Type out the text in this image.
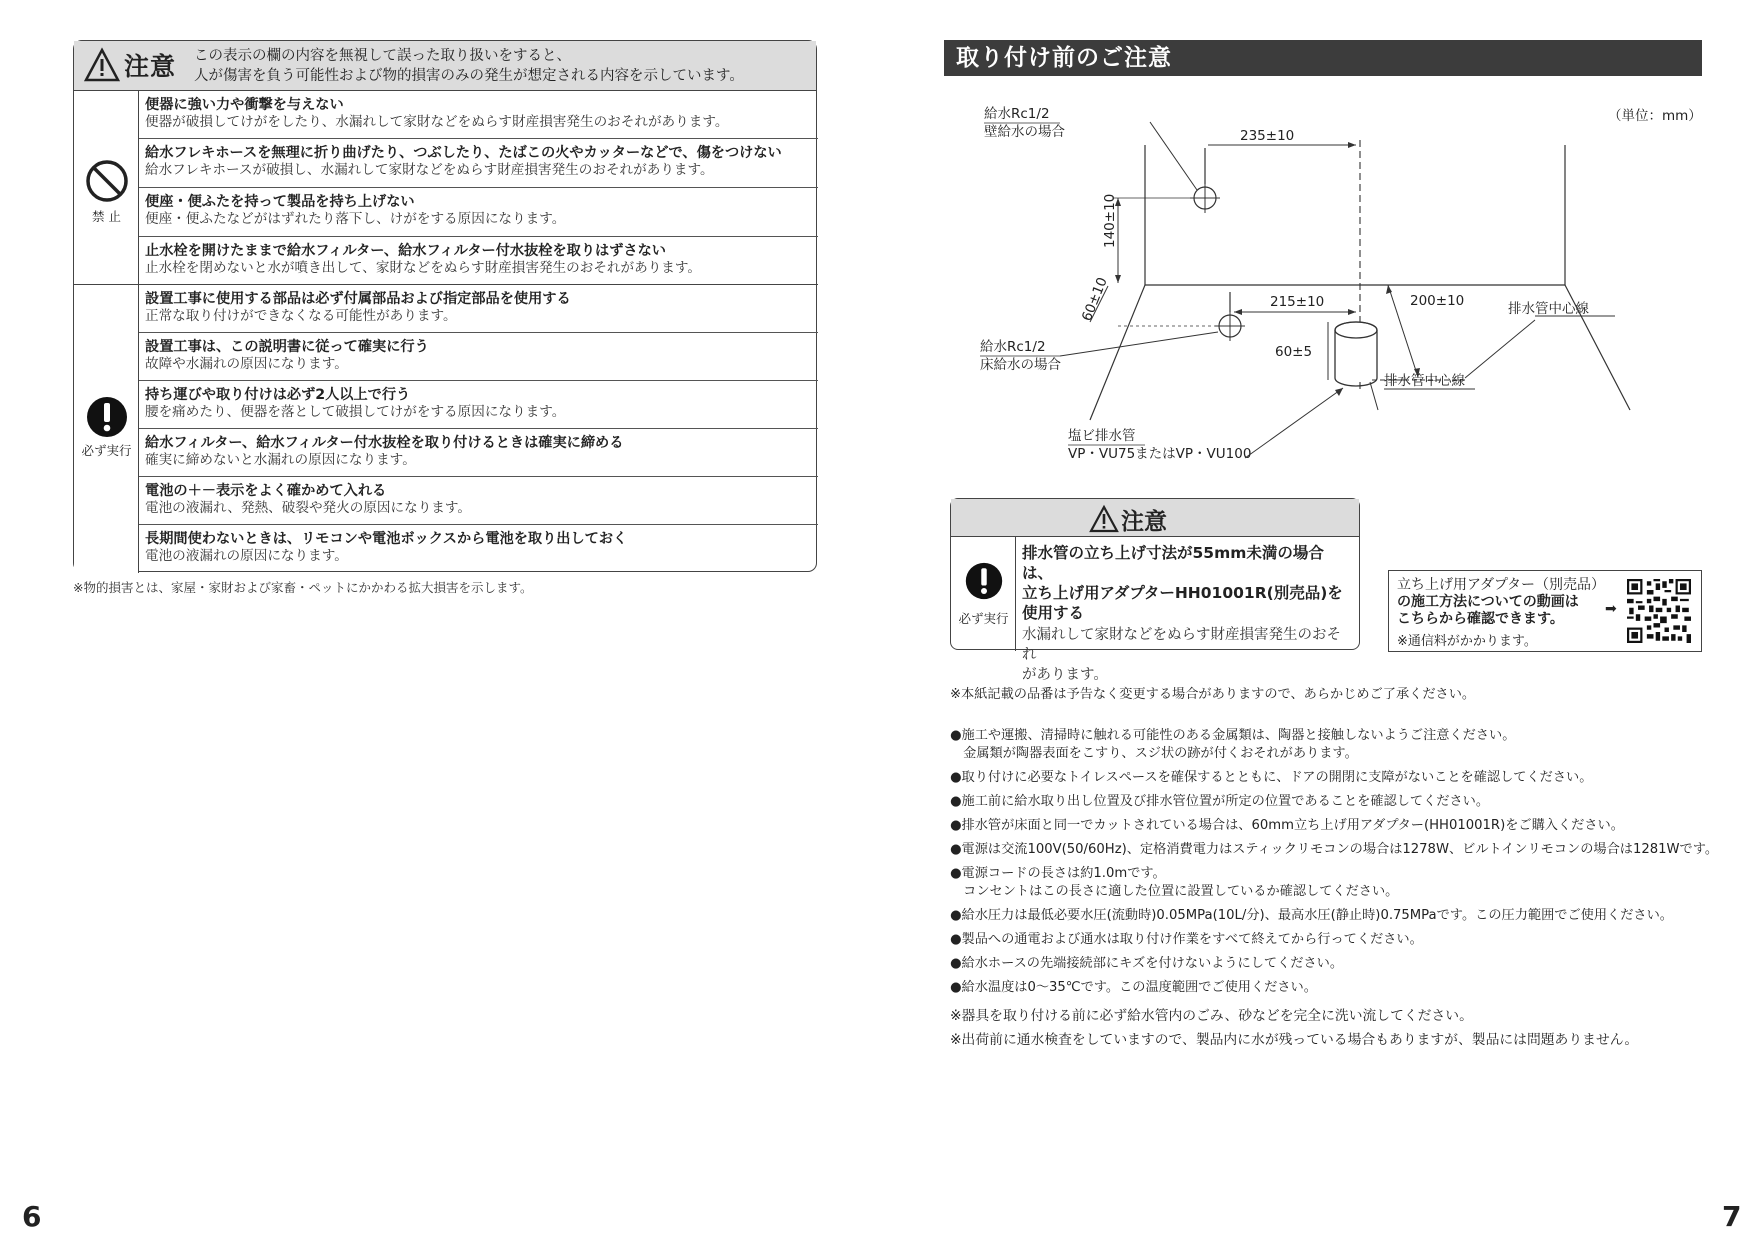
注意 この表示の欄の内容を無視して誤った取り扱いをすると、
人が傷害を負う可能性および物的損害のみの発生が想定される内容を示しています。
禁 止
必ず実行
便器に強い力や衝撃を与えない
便器が破損してけがをしたり、水漏れして家財などをぬらす財産損害発生のおそれがあります。
給水フレキホースを無理に折り曲げたり、つぶしたり、たばこの火やカッターなどで、傷をつけない
給水フレキホースが破損し、水漏れして家財などをぬらす財産損害発生のおそれがあります。
便座・便ふたを持って製品を持ち上げない
便座・便ふたなどがはずれたり落下し、けがをする原因になります。
止水栓を開けたままで給水フィルター、給水フィルター付水抜栓を取りはずさない
止水栓を閉めないと水が噴き出して、家財などをぬらす財産損害発生のおそれがあります。
設置工事に使用する部品は必ず付属部品および指定部品を使用する
正常な取り付けができなくなる可能性があります。
設置工事は、この説明書に従って確実に行う
故障や水漏れの原因になります。
持ち運びや取り付けは必ず2人以上で行う
腰を痛めたり、便器を落として破損してけがをする原因になります。
給水フィルター、給水フィルター付水抜栓を取り付けるときは確実に締める
確実に締めないと水漏れの原因になります。
電池の＋－表示をよく確かめて入れる
電池の液漏れ、発熱、破裂や発火の原因になります。
長期間使わないときは、リモコンや電池ボックスから電池を取り出しておく
電池の液漏れの原因になります。
※物的損害とは、家屋・家財および家畜・ペットにかかわる拡大損害を示します。
6
取り付け前のご注意
（単位：mm）
235±10
140±10
60±10	215±10
60±5
200±10	排水管中心線
排水管中心線
給水Rc1/2
壁給水の場合
給水Rc1/2
床給水の場合
塩ビ排水管
VP・VU75またはVP・VU100
注意
必ず実行
排水管の立ち上げ寸法が55mm未満の場合は、
立ち上げ用アダプターHH01001R(別売品)を
使用する
水漏れして家財などをぬらす財産損害発生のおそれ
があります。
立ち上げ用アダプター（別売品）
の施工方法についての動画は
こちらから確認できます。
※通信料がかかります。
➡
※本紙記載の品番は予告なく変更する場合がありますので、あらかじめご了承ください。
●施工や運搬、清掃時に触れる可能性のある金属類は、陶器と接触しないようご注意ください。
　金属類が陶器表面をこすり、スジ状の跡が付くおそれがあります。
●取り付けに必要なトイレスペースを確保するとともに、ドアの開閉に支障がないことを確認してください。
●施工前に給水取り出し位置及び排水管位置が所定の位置であることを確認してください。
●排水管が床面と同一でカットされている場合は、60mm立ち上げ用アダプター(HH01001R)をご購入ください。
●電源は交流100V(50/60Hz)、定格消費電力はスティックリモコンの場合は1278W、ビルトインリモコンの場合は1281Wです。
●電源コードの長さは約1.0mです。
　コンセントはこの長さに適した位置に設置しているか確認してください。
●給水圧力は最低必要水圧(流動時)0.05MPa(10L/分)、最高水圧(静止時)0.75MPaです。この圧力範囲でご使用ください。
●製品への通電および通水は取り付け作業をすべて終えてから行ってください。
●給水ホースの先端接続部にキズを付けないようにしてください。
●給水温度は0～35℃です。この温度範囲でご使用ください。
※器具を取り付ける前に必ず給水管内のごみ、砂などを完全に洗い流してください。
※出荷前に通水検査をしていますので、製品内に水が残っている場合もありますが、製品には問題ありません。
7
